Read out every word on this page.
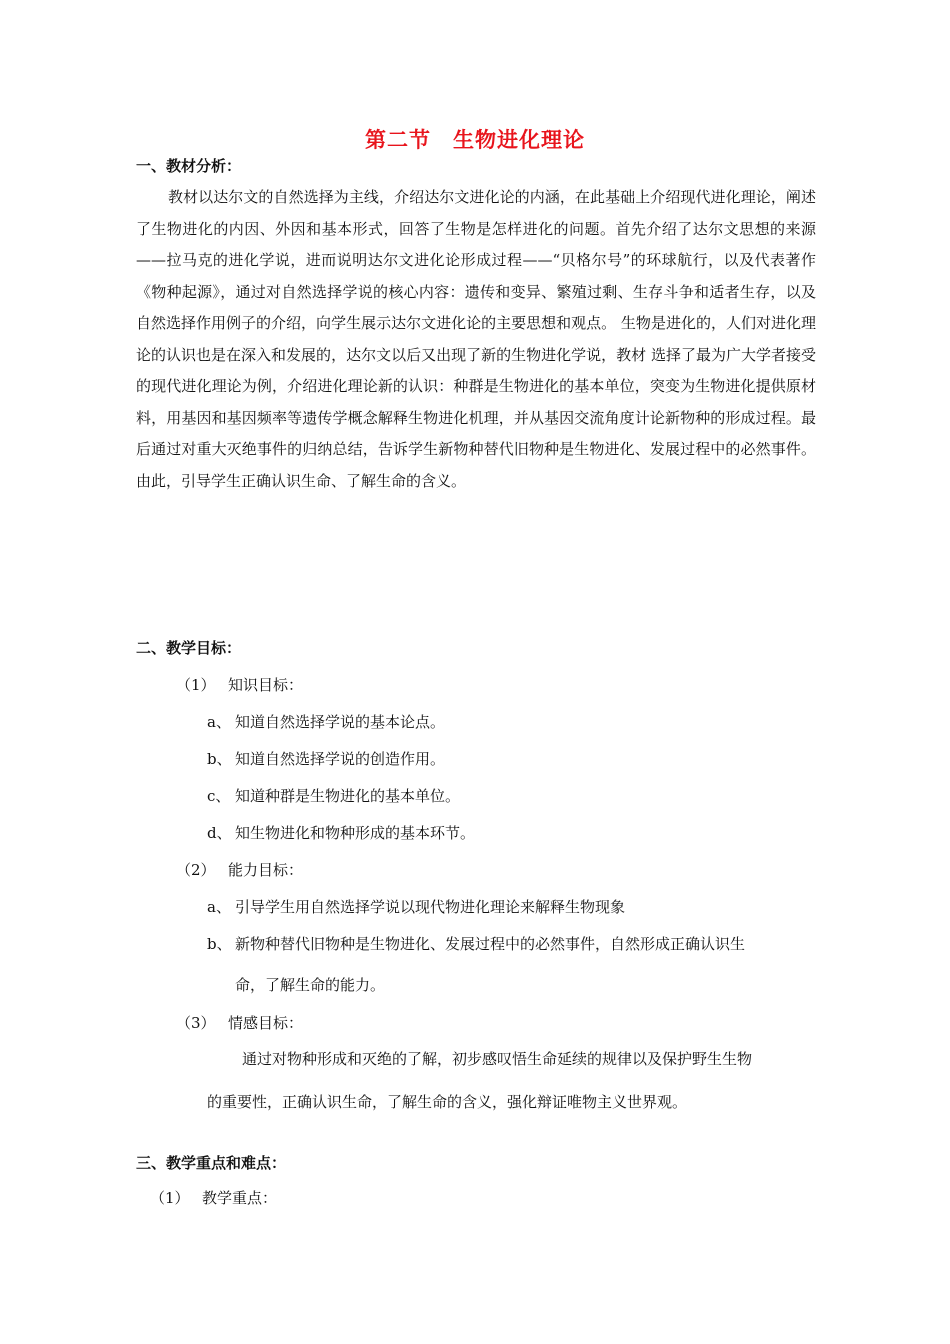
第二节　生物进化理论
一、教材分析：

教材以达尔文的自然选择为主线，介绍达尔文进化论的内涵，在此基础上介绍现代进化理论，阐述了生物进化的内因、外因和基本形式，回答了生物是怎样进化的问题。首先介绍了达尔文思想的来源——拉马克的进化学说，进而说明达尔文进化论形成过程——“贝格尔号”的环球航行，以及代表著作《物种起源》，通过对自然选择学说的核心内容：遗传和变异、繁殖过剩、生存斗争和适者生存，以及自然选择作用例子的介绍，向学生展示达尔文进化论的主要思想和观点。 生物是进化的，人们对进化理论的认识也是在深入和发展的，达尔文以后又出现了新的生物进化学说，教材 选择了最为广大学者接受的现代进化理论为例，介绍进化理论新的认识：种群是生物进化的基本单位，突变为生物进化提供原材料，用基因和基因频率等遗传学概念解释生物进化机理，并从基因交流角度计论新物种的形成过程。最后通过对重大灭绝事件的归纳总结，告诉学生新物种替代旧物种是生物进化、发展过程中的必然事件。由此，引导学生正确认识生命、了解生命的含义。

二、教学目标：
（1） 知识目标：
a、 知道自然选择学说的基本论点。
b、 知道自然选择学说的创造作用。
c、 知道种群是生物进化的基本单位。
d、 知生物进化和物种形成的基本环节。
（2） 能力目标：
a、 引导学生用自然选择学说以现代物进化理论来解释生物现象
b、 新物种替代旧物种是生物进化、发展过程中的必然事件，自然形成正确认识生
命，了解生命的能力。
（3） 情感目标：
通过对物种形成和灭绝的了解，初步感叹悟生命延续的规律以及保护野生生物
的重要性，正确认识生命，了解生命的含义，强化辩证唯物主义世界观。
三、教学重点和难点：
（1） 教学重点：
